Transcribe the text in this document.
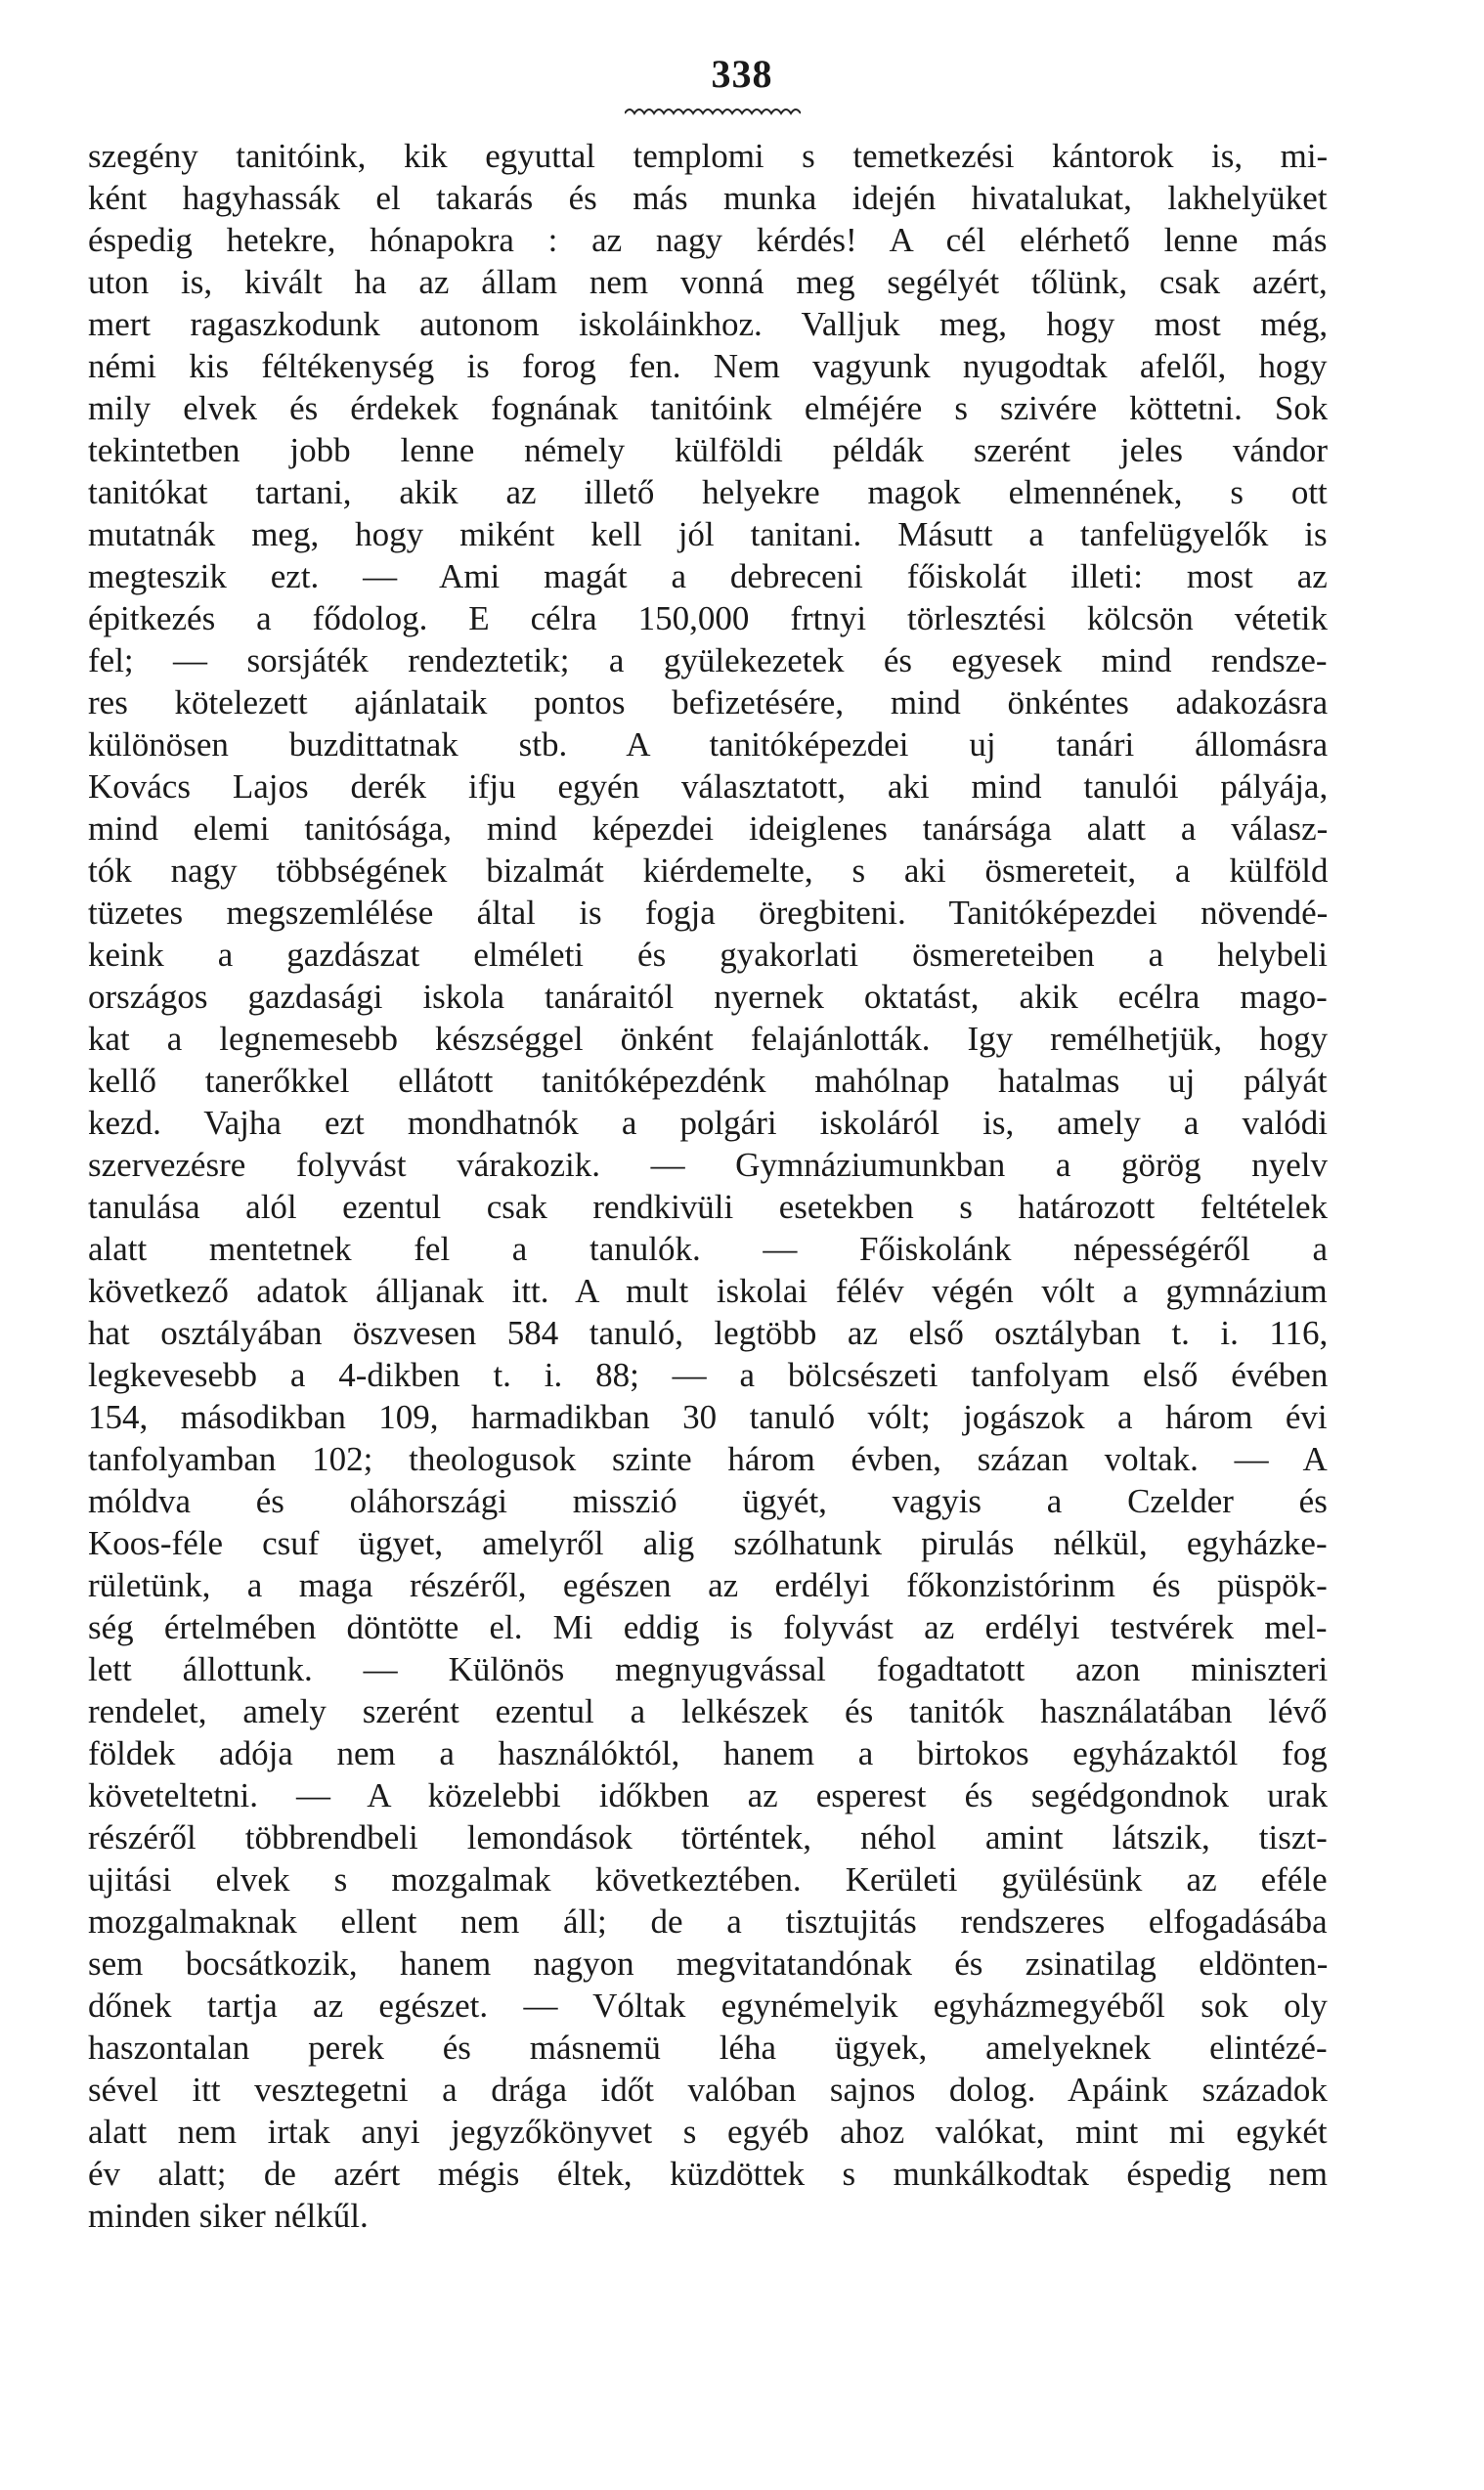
338
szegény tanitóink, kik egyuttal templomi s temetkezési kántorok is, mi-
ként hagyhassák el takarás és más munka idején hivatalukat, lakhelyüket
éspedig hetekre, hónapokra : az nagy kérdés! A cél elérhető lenne más
uton is, kivált ha az állam nem vonná meg segélyét tőlünk, csak azért,
mert ragaszkodunk autonom iskoláinkhoz. Valljuk meg, hogy most még,
némi kis féltékenység is forog fen. Nem vagyunk nyugodtak afelől, hogy
mily elvek és érdekek fognának tanitóink elméjére s szivére köttetni. Sok
tekintetben jobb lenne némely külföldi példák szerént jeles vándor
tanitókat tartani, akik az illető helyekre magok elmennének, s ott
mutatnák meg, hogy miként kell jól tanitani. Másutt a tanfelügyelők is
megteszik ezt. — Ami magát a debreceni főiskolát illeti: most az
épitkezés a fődolog. E célra 150,000 frtnyi törlesztési kölcsön vétetik
fel; — sorsjáték rendeztetik; a gyülekezetek és egyesek mind rendsze-
res kötelezett ajánlataik pontos befizetésére, mind önkéntes adakozásra
különösen buzdittatnak stb. A tanitóképezdei uj tanári állomásra
Kovács Lajos derék ifju egyén választatott, aki mind tanulói pályája,
mind elemi tanitósága, mind képezdei ideiglenes tanársága alatt a válasz-
tók nagy többségének bizalmát kiérdemelte, s aki ösmereteit, a külföld
tüzetes megszemlélése által is fogja öregbiteni. Tanitóképezdei növendé-
keink a gazdászat elméleti és gyakorlati ösmereteiben a helybeli
országos gazdasági iskola tanáraitól nyernek oktatást, akik ecélra mago-
kat a legnemesebb készséggel önként felajánlották. Igy remélhetjük, hogy
kellő tanerőkkel ellátott tanitóképezdénk mahólnap hatalmas uj pályát
kezd. Vajha ezt mondhatnók a polgári iskoláról is, amely a valódi
szervezésre folyvást várakozik. — Gymnáziumunkban a görög nyelv
tanulása alól ezentul csak rendkivüli esetekben s határozott feltételek
alatt mentetnek fel a tanulók. — Főiskolánk népességéről a
következő adatok álljanak itt. A mult iskolai félév végén vólt a gymnázium
hat osztályában öszvesen 584 tanuló, legtöbb az első osztályban t. i. 116,
legkevesebb a 4-dikben t. i. 88; — a bölcsészeti tanfolyam első évében
154, másodikban 109, harmadikban 30 tanuló vólt; jogászok a három évi
tanfolyamban 102; theologusok szinte három évben, százan voltak. — A
móldva és oláhországi misszió ügyét, vagyis a Czelder és
Koos-féle csuf ügyet, amelyről alig szólhatunk pirulás nélkül, egyházke-
rületünk, a maga részéről, egészen az erdélyi főkonzistórinm és püspök-
ség értelmében döntötte el. Mi eddig is folyvást az erdélyi testvérek mel-
lett állottunk. — Különös megnyugvással fogadtatott azon miniszteri
rendelet, amely szerént ezentul a lelkészek és tanitók használatában lévő
földek adója nem a használóktól, hanem a birtokos egyházaktól fog
követeltetni. — A közelebbi időkben az esperest és segédgondnok urak
részéről többrendbeli lemondások történtek, néhol amint látszik, tiszt-
ujitási elvek s mozgalmak következtében. Kerületi gyülésünk az eféle
mozgalmaknak ellent nem áll; de a tisztujitás rendszeres elfogadásába
sem bocsátkozik, hanem nagyon megvitatandónak és zsinatilag eldönten-
dőnek tartja az egészet. — Vóltak egynémelyik egyházmegyéből sok oly
haszontalan perek és másnemü léha ügyek, amelyeknek elintézé-
sével itt vesztegetni a drága időt valóban sajnos dolog. Apáink századok
alatt nem irtak anyi jegyzőkönyvet s egyéb ahoz valókat, mint mi egykét
év alatt; de azért mégis éltek, küzdöttek s munkálkodtak éspedig nem
minden siker nélkűl.
